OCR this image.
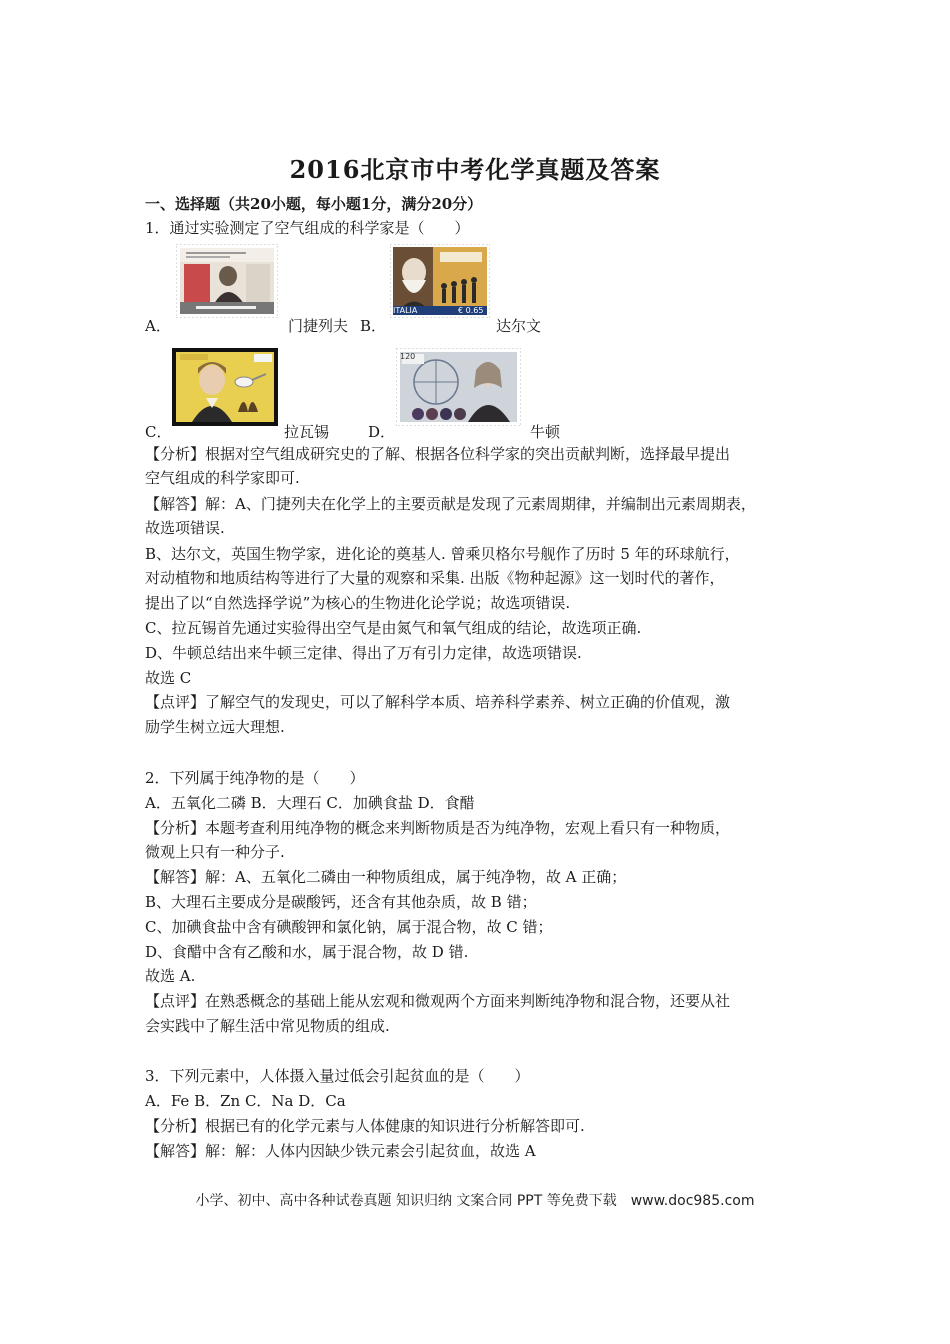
2016北京市中考化学真题及答案
一、选择题（共20小题，每小题1分，满分20分）
1．通过实验测定了空气组成的科学家是（　　）
A．	门捷列夫
ITALIA	€ 0.65
B．	达尔文
C．	拉瓦锡
120
D．	牛顿
【分析】根据对空气组成研究史的了解、根据各位科学家的突出贡献判断，选择最早提出
空气组成的科学家即可.
【解答】解：A、门捷列夫在化学上的主要贡献是发现了元素周期律，并编制出元素周期表，
故选项错误.
B、达尔文，英国生物学家，进化论的奠基人. 曾乘贝格尔号舰作了历时 5 年的环球航行，
对动植物和地质结构等进行了大量的观察和采集. 出版《物种起源》这一划时代的著作，
提出了以“自然选择学说”为核心的生物进化论学说；故选项错误.
C、拉瓦锡首先通过实验得出空气是由氮气和氧气组成的结论，故选项正确.
D、牛顿总结出来牛顿三定律、得出了万有引力定律，故选项错误.
故选 C
【点评】了解空气的发现史，可以了解科学本质、培养科学素养、树立正确的价值观，激
励学生树立远大理想.
2．下列属于纯净物的是（　　）
A．五氧化二磷 B．大理石 C．加碘食盐 D．食醋
【分析】本题考查利用纯净物的概念来判断物质是否为纯净物，宏观上看只有一种物质，
微观上只有一种分子.
【解答】解：A、五氧化二磷由一种物质组成，属于纯净物，故 A 正确；
B、大理石主要成分是碳酸钙，还含有其他杂质，故 B 错；
C、加碘食盐中含有碘酸钾和氯化钠，属于混合物，故 C 错；
D、食醋中含有乙酸和水，属于混合物，故 D 错.
故选 A.
【点评】在熟悉概念的基础上能从宏观和微观两个方面来判断纯净物和混合物，还要从社
会实践中了解生活中常见物质的组成.
3．下列元素中，人体摄入量过低会引起贫血的是（　　）
A．Fe B．Zn C．Na D．Ca
【分析】根据已有的化学元素与人体健康的知识进行分析解答即可.
【解答】解：解：人体内因缺少铁元素会引起贫血，故选 A
小学、初中、高中各种试卷真题 知识归纳 文案合同 PPT 等免费下载　www.doc985.com
